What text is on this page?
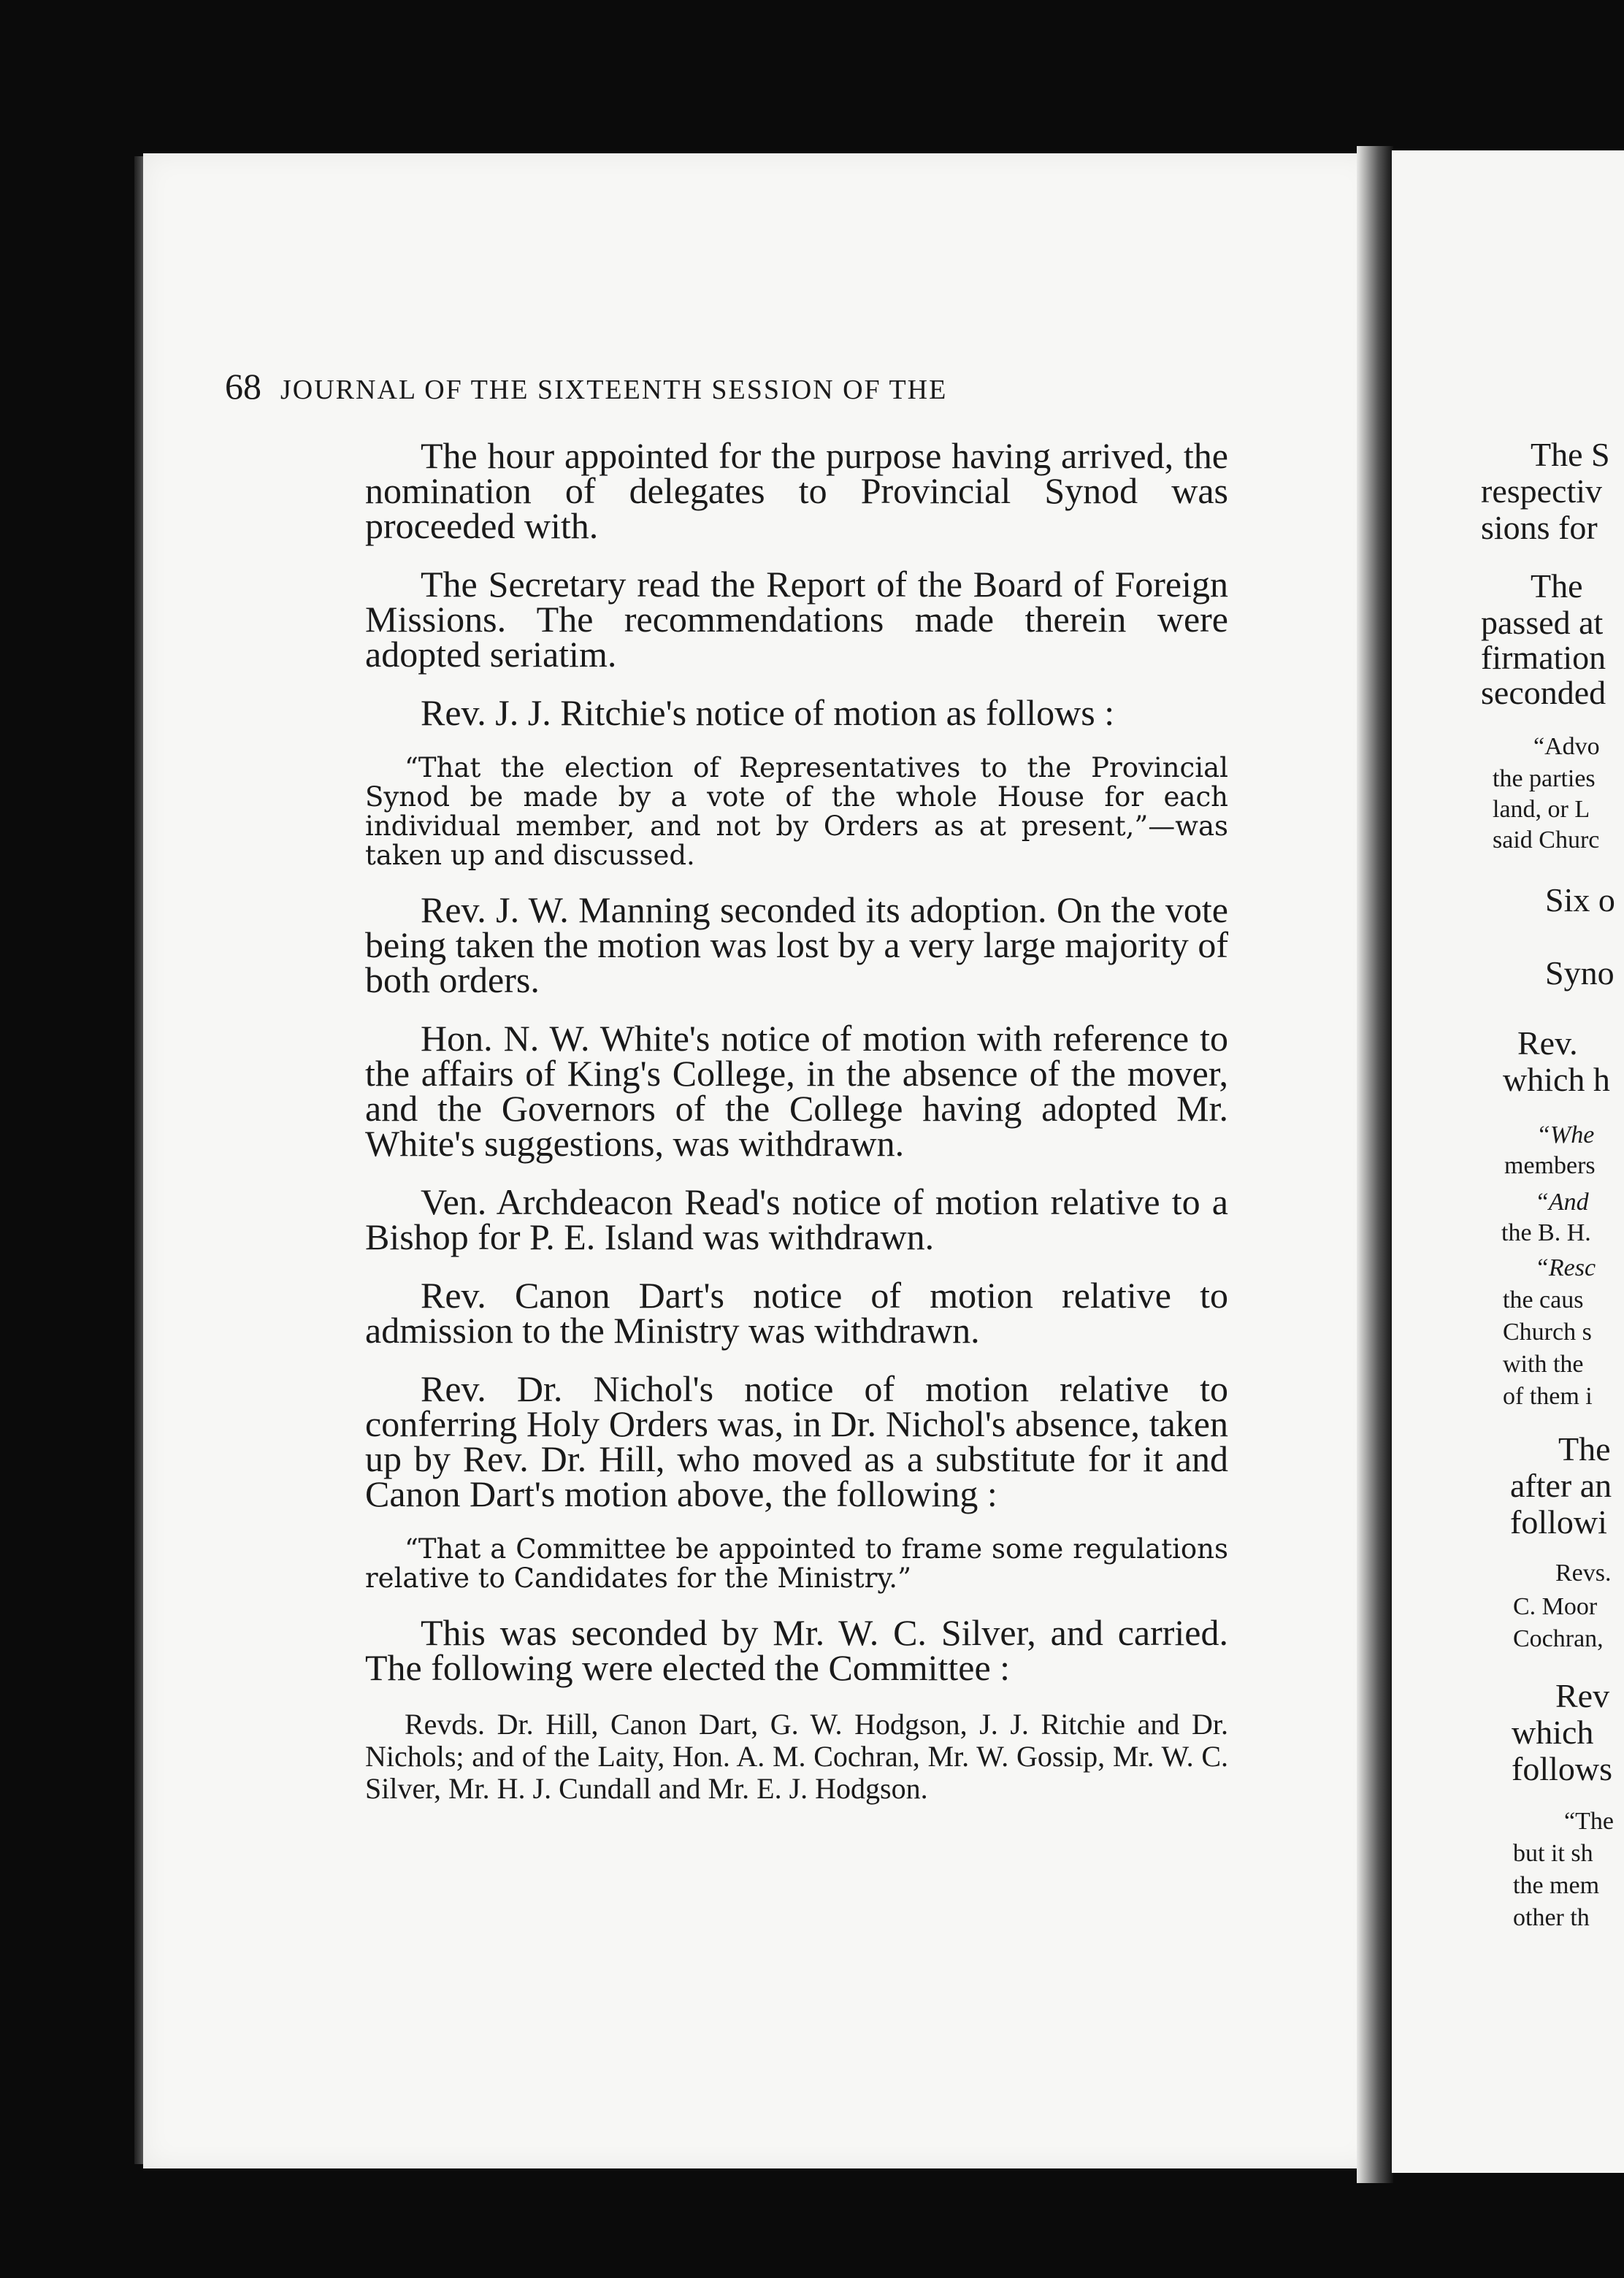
68 JOURNAL OF THE SIXTEENTH SESSION OF THE

The hour appointed for the purpose having arrived, the nomination of delegates to Provincial Synod was proceeded with.

The Secretary read the Report of the Board of Foreign Missions. The recommendations made therein were adopted seriatim.

Rev. J. J. Ritchie's notice of motion as follows :

“That the election of Representatives to the Provincial Synod be made by a vote of the whole House for each individual member, and not by Orders as at present,”—was taken up and discussed.

Rev. J. W. Manning seconded its adoption. On the vote being taken the motion was lost by a very large majority of both orders.

Hon. N. W. White's notice of motion with reference to the affairs of King's College, in the absence of the mover, and the Governors of the College having adopted Mr. White's suggestions, was withdrawn.

Ven. Archdeacon Read's notice of motion relative to a Bishop for P. E. Island was withdrawn.

Rev. Canon Dart's notice of motion relative to admission to the Ministry was withdrawn.

Rev. Dr. Nichol's notice of motion relative to conferring Holy Orders was, in Dr. Nichol's absence, taken up by Rev. Dr. Hill, who moved as a substitute for it and Canon Dart's motion above, the following :

“That a Committee be appointed to frame some regulations relative to Candidates for the Ministry.”

This was seconded by Mr. W. C. Silver, and carried. The following were elected the Committee :

Revds. Dr. Hill, Canon Dart, G. W. Hodgson, J. J. Ritchie and Dr. Nichols; and of the Laity, Hon. A. M. Cochran, Mr. W. Gossip, Mr. W. C. Silver, Mr. H. J. Cundall and Mr. E. J. Hodgson.

The S
respectiv
sions for
The
passed at
firmation
seconded
“Advo
the parties
land, or L
said Churc
Six o
Syno
Rev.
which h
“Whe
members
“And
the B. H.
“Resc
the caus
Church s
with the
of them i
The
after an
followi
Revs.
C. Moor
Cochran,
Rev
which
follows
“The
but it sh
the mem
other th
